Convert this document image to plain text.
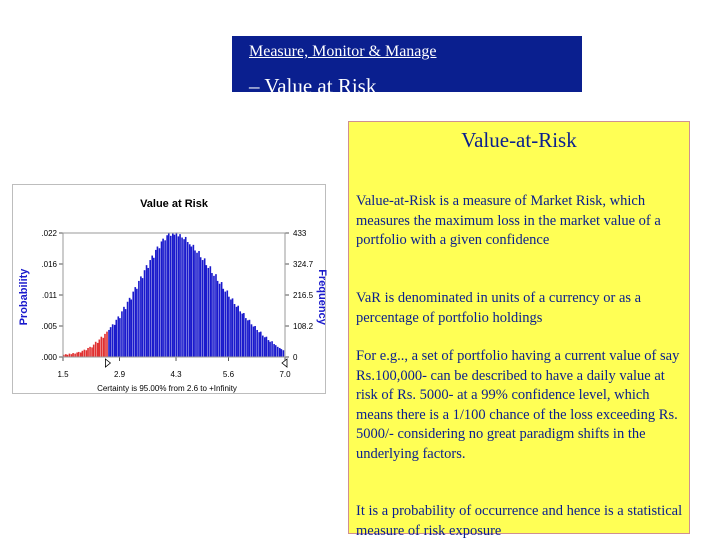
Measure, Monitor & Manage
– Value at Risk
Value at Risk
Probability	Frequency
Certainty is 95.00% from 2.6 to +Infinity
.000
.005
.011
.016
.022
0
108.2
216.5
324.7
433
1.5	2.9	4.3	5.6	7.0
Value-at-Risk
Value-at-Risk is a measure of Market Risk, which measures the maximum loss in the market value of a portfolio with a given confidence
VaR is denominated in units of a currency or as a percentage of portfolio holdings
For e.g.., a set of portfolio having a current value of say Rs.100,000- can be described to have a daily value at risk of Rs. 5000- at a 99% confidence level, which means there is a 1/100 chance of the loss exceeding Rs. 5000/- considering no great paradigm shifts in the underlying factors.
It is a probability of occurrence and hence is a statistical measure of risk exposure
